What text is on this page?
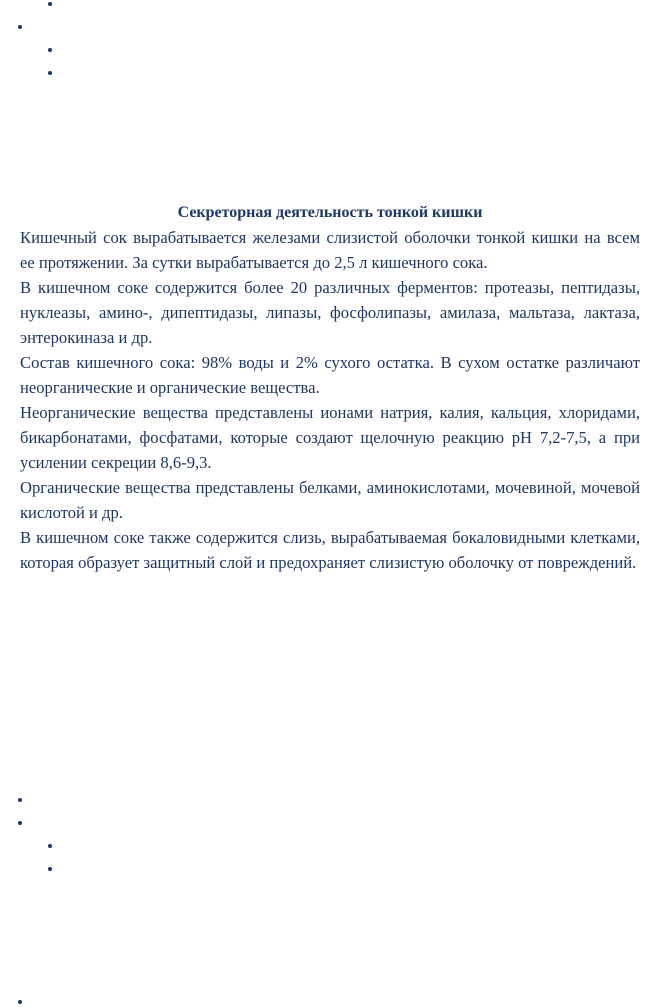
Секреторная деятельность тонкой кишки

Кишечный сок вырабатывается железами слизистой оболочки тонкой кишки на всем ее протяжении. За сутки вырабатывается до 2,5 л кишечного сока.

В кишечном соке содержится более 20 различных ферментов: протеазы, пептидазы, нуклеазы, амино-, дипептидазы, липазы, фосфолипазы, амилаза, мальтаза, лактаза, энтерокиназа и др.

Состав кишечного сока: 98% воды и 2% сухого остатка. В сухом остатке различают неорганические и органические вещества.

Неорганические вещества представлены ионами натрия, калия, кальция, хлоридами, бикарбонатами, фосфатами, которые создают щелочную реакцию pH 7,2-7,5, а при усилении секреции 8,6-9,3.

Органические вещества представлены белками, аминокислотами, мочевиной, мочевой кислотой и др.

В кишечном соке также содержится слизь, вырабатываемая бокаловидными клетками, которая образует защитный слой и предохраняет слизистую оболочку от повреждений.
